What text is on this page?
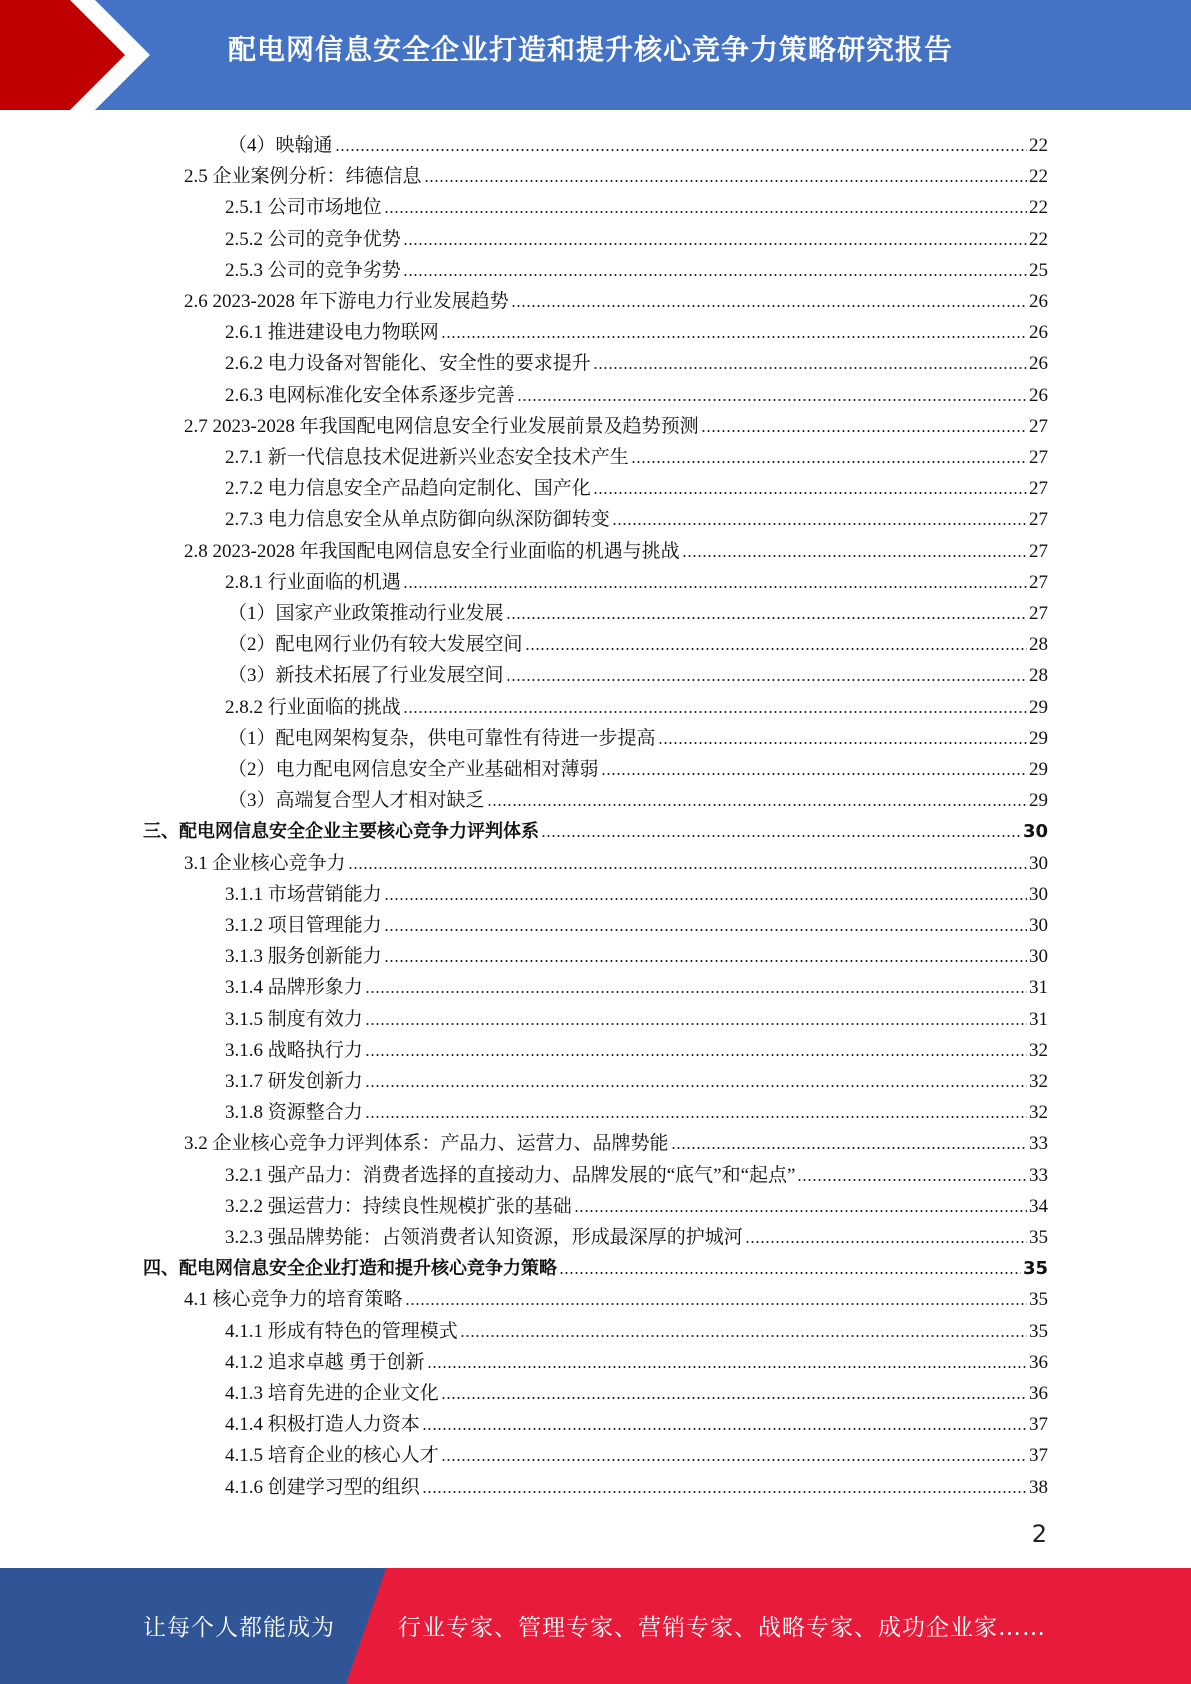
配电网信息安全企业打造和提升核心竞争力策略研究报告
（4）映翰通	22
2.5 企业案例分析：纬德信息	22
2.5.1 公司市场地位	22
2.5.2 公司的竞争优势	22
2.5.3 公司的竞争劣势	25
2.6 2023-2028 年下游电力行业发展趋势	26
2.6.1 推进建设电力物联网	26
2.6.2 电力设备对智能化、安全性的要求提升	26
2.6.3 电网标准化安全体系逐步完善	26
2.7 2023-2028 年我国配电网信息安全行业发展前景及趋势预测	27
2.7.1 新一代信息技术促进新兴业态安全技术产生	27
2.7.2 电力信息安全产品趋向定制化、国产化	27
2.7.3 电力信息安全从单点防御向纵深防御转变	27
2.8 2023-2028 年我国配电网信息安全行业面临的机遇与挑战	27
2.8.1 行业面临的机遇	27
（1）国家产业政策推动行业发展	27
（2）配电网行业仍有较大发展空间	28
（3）新技术拓展了行业发展空间	28
2.8.2 行业面临的挑战	29
（1）配电网架构复杂，供电可靠性有待进一步提高	29
（2）电力配电网信息安全产业基础相对薄弱	29
（3）高端复合型人才相对缺乏	29
三、配电网信息安全企业主要核心竞争力评判体系	30
3.1 企业核心竞争力	30
3.1.1 市场营销能力	30
3.1.2 项目管理能力	30
3.1.3 服务创新能力	30
3.1.4 品牌形象力	31
3.1.5 制度有效力	31
3.1.6 战略执行力	32
3.1.7 研发创新力	32
3.1.8 资源整合力	32
3.2 企业核心竞争力评判体系：产品力、运营力、品牌势能	33
3.2.1 强产品力：消费者选择的直接动力、品牌发展的“底气”和“起点”	33
3.2.2 强运营力：持续良性规模扩张的基础	34
3.2.3 强品牌势能：占领消费者认知资源，形成最深厚的护城河	35
四、配电网信息安全企业打造和提升核心竞争力策略	35
4.1 核心竞争力的培育策略	35
4.1.1 形成有特色的管理模式	35
4.1.2 追求卓越 勇于创新	36
4.1.3 培育先进的企业文化	36
4.1.4 积极打造人力资本	37
4.1.5 培育企业的核心人才	37
4.1.6 创建学习型的组织	38
2
让每个人都能成为	行业专家、管理专家、营销专家、战略专家、成功企业家……
